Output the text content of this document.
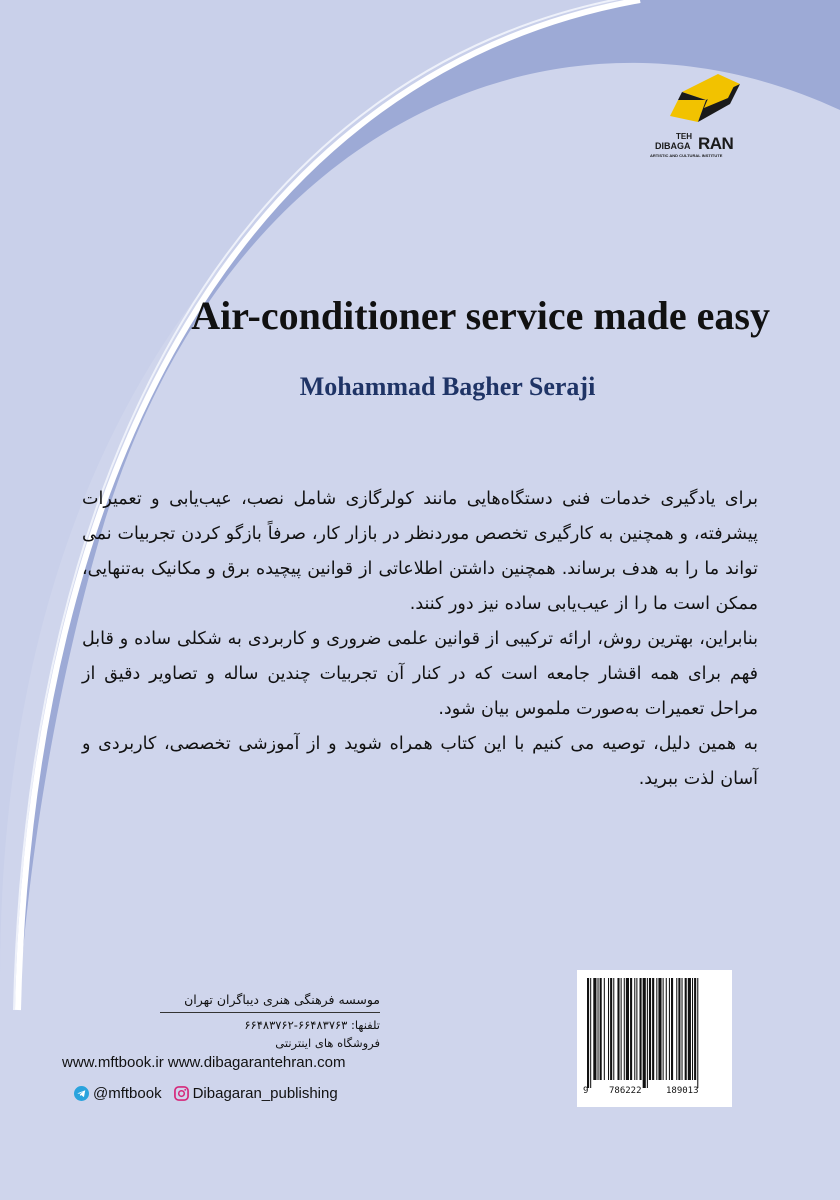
TEH
DIBAGA RAN
ARTISTIC AND CULTURAL INSTITUTE
Air-conditioner service made easy
Mohammad Bagher Seraji

برای یادگیری خدمات فنی دستگاه‌هایی مانند کولرگازی شامل نصب، عیب‌یابی و تعمیرات پیشرفته، و همچنین به کارگیری تخصص موردنظر در بازار کار، صرفاً بازگو کردن تجربیات نمی تواند ما را به هدف برساند. همچنین داشتن اطلاعاتی از قوانین پیچیده برق و مکانیک به‌تنهایی، ممکن است ما را از عیب‌یابی ساده نیز دور کنند.

بنابراین، بهترین روش، ارائه ترکیبی از قوانین علمی ضروری و کاربردی به شکلی ساده و قابل فهم برای همه اقشار جامعه است که در کنار آن تجربیات چندین ساله و تصاویر دقیق از مراحل تعمیرات به‌صورت ملموس بیان شود.

به همین دلیل، توصیه می کنیم با این کتاب همراه شوید و از آموزشی تخصصی، کاربردی و آسان لذت ببرید.

موسسه فرهنگی هنری دیباگران تهران
تلفنها: ۶۶۴۸۳۷۶۳-۶۶۴۸۳۷۶۲
فروشگاه های اینترنتی
www.mftbook.ir www.dibagarantehran.com
@mftbook Dibagaran_publishing	9 786222	189013
